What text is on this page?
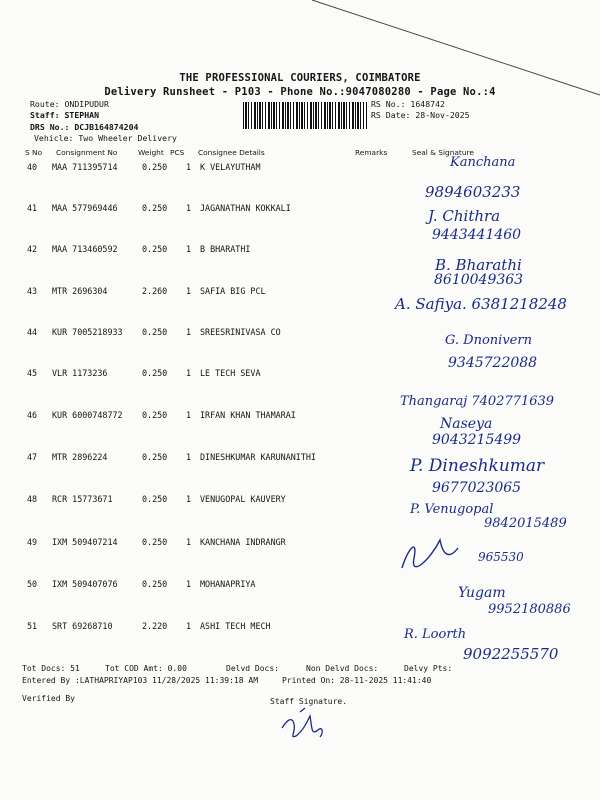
THE PROFESSIONAL COURIERS, COIMBATORE
Delivery Runsheet - P103 - Phone No.:9047080280 - Page No.:4
Route: ONDIPUDUR
Staff: STEPHAN
DRS No.: DCJB164874204
Vehicle: Two Wheeler Delivery
RS No.: 1648742
RS Date: 28-Nov-2025
S No Consignment No	Weight PCS Consignee Details	Remarks	Seal & Signature
40 MAA 711395714	0.250 1 K VELAYUTHAM
41 MAA 577969446	0.250 1 JAGANATHAN KOKKALI
42 MAA 713460592	0.250 1 B BHARATHI
43 MTR 2696304	2.260 1 SAFIA BIG PCL
44 KUR 7005218933 0.250 1 SREESRINIVASA CO
45 VLR 1173236	0.250 1 LE TECH SEVA
46 KUR 6000748772 0.250 1 IRFAN KHAN THAMARAI
47 MTR 2896224	0.250 1 DINESHKUMAR KARUNANITHI
48 RCR 15773671	0.250 1 VENUGOPAL KAUVERY
49 IXM 509407214	0.250 1 KANCHANA INDRANGR
50 IXM 509407076	0.250 1 MOHANAPRIYA
51 SRT 69268710	2.220 1 ASHI TECH MECH
Kanchana
9894603233
J. Chithra
9443441460
B. Bharathi
8610049363
A. Safiya. 6381218248
G. Dnonivern
9345722088
Thangaraj 7402771639
Naseya
9043215499
P. Dineshkumar
9677023065
P. Venugopal
9842015489
965530
Yugam
9952180886
R. Loorth
9092255570
Tot Docs: 51	Tot COD Amt: 0.00	Delvd Docs:	Non Delvd Docs:	Delvy Pts:
Entered By :LATHAPRIYAP103 11/28/2025 11:39:18 AM	Printed On: 28-11-2025 11:41:40
Verified By	Staff Signature.
